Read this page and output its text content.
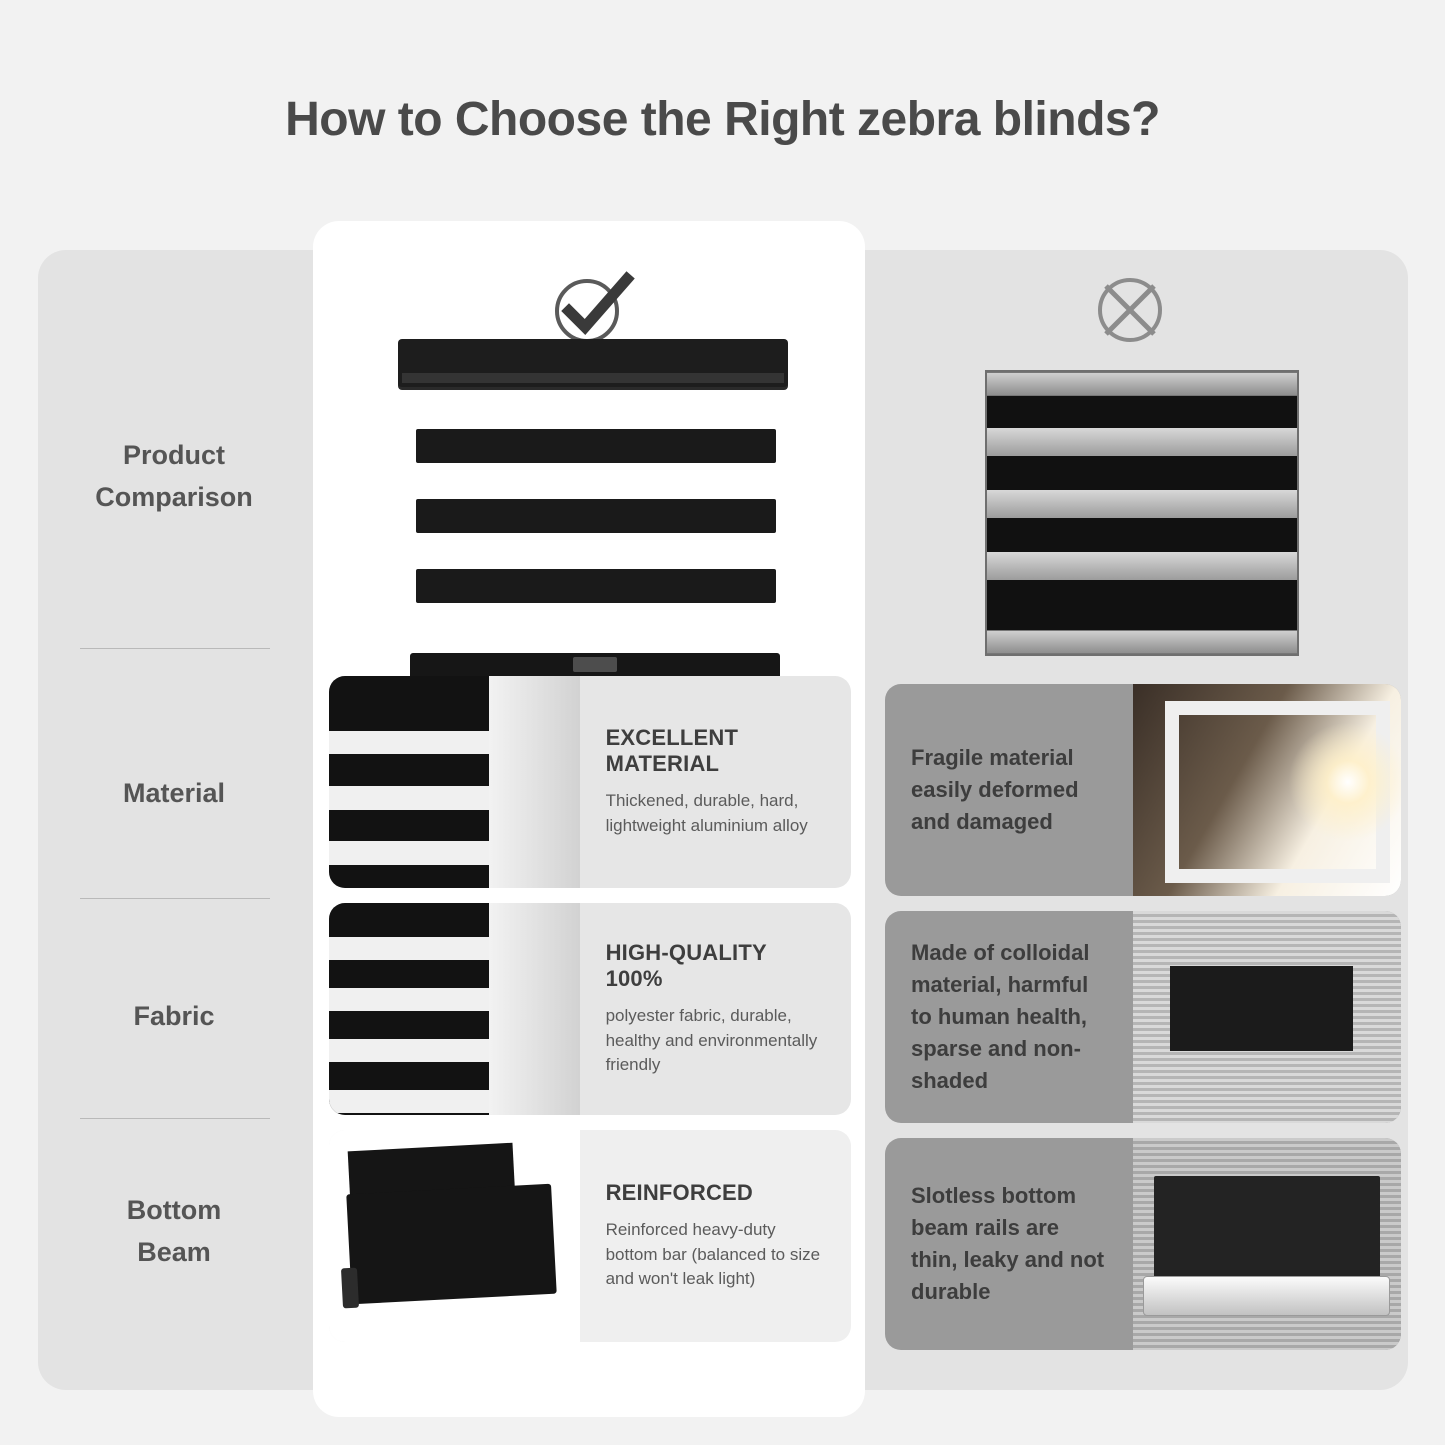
How to Choose the Right zebra blinds?
Product
Comparison
Material
Fabric
Bottom
Beam
EXCELLENT MATERIAL
Thickened, durable, hard, lightweight aluminium alloy
HIGH-QUALITY 100%
polyester fabric, durable, healthy and environmentally friendly
REINFORCED
Reinforced heavy-duty bottom bar (balanced to size and won't leak light)
Fragile material easily deformed and damaged
Made of colloidal material, harmful to human health, sparse and non-shaded
Slotless bottom beam rails are thin, leaky and not durable
